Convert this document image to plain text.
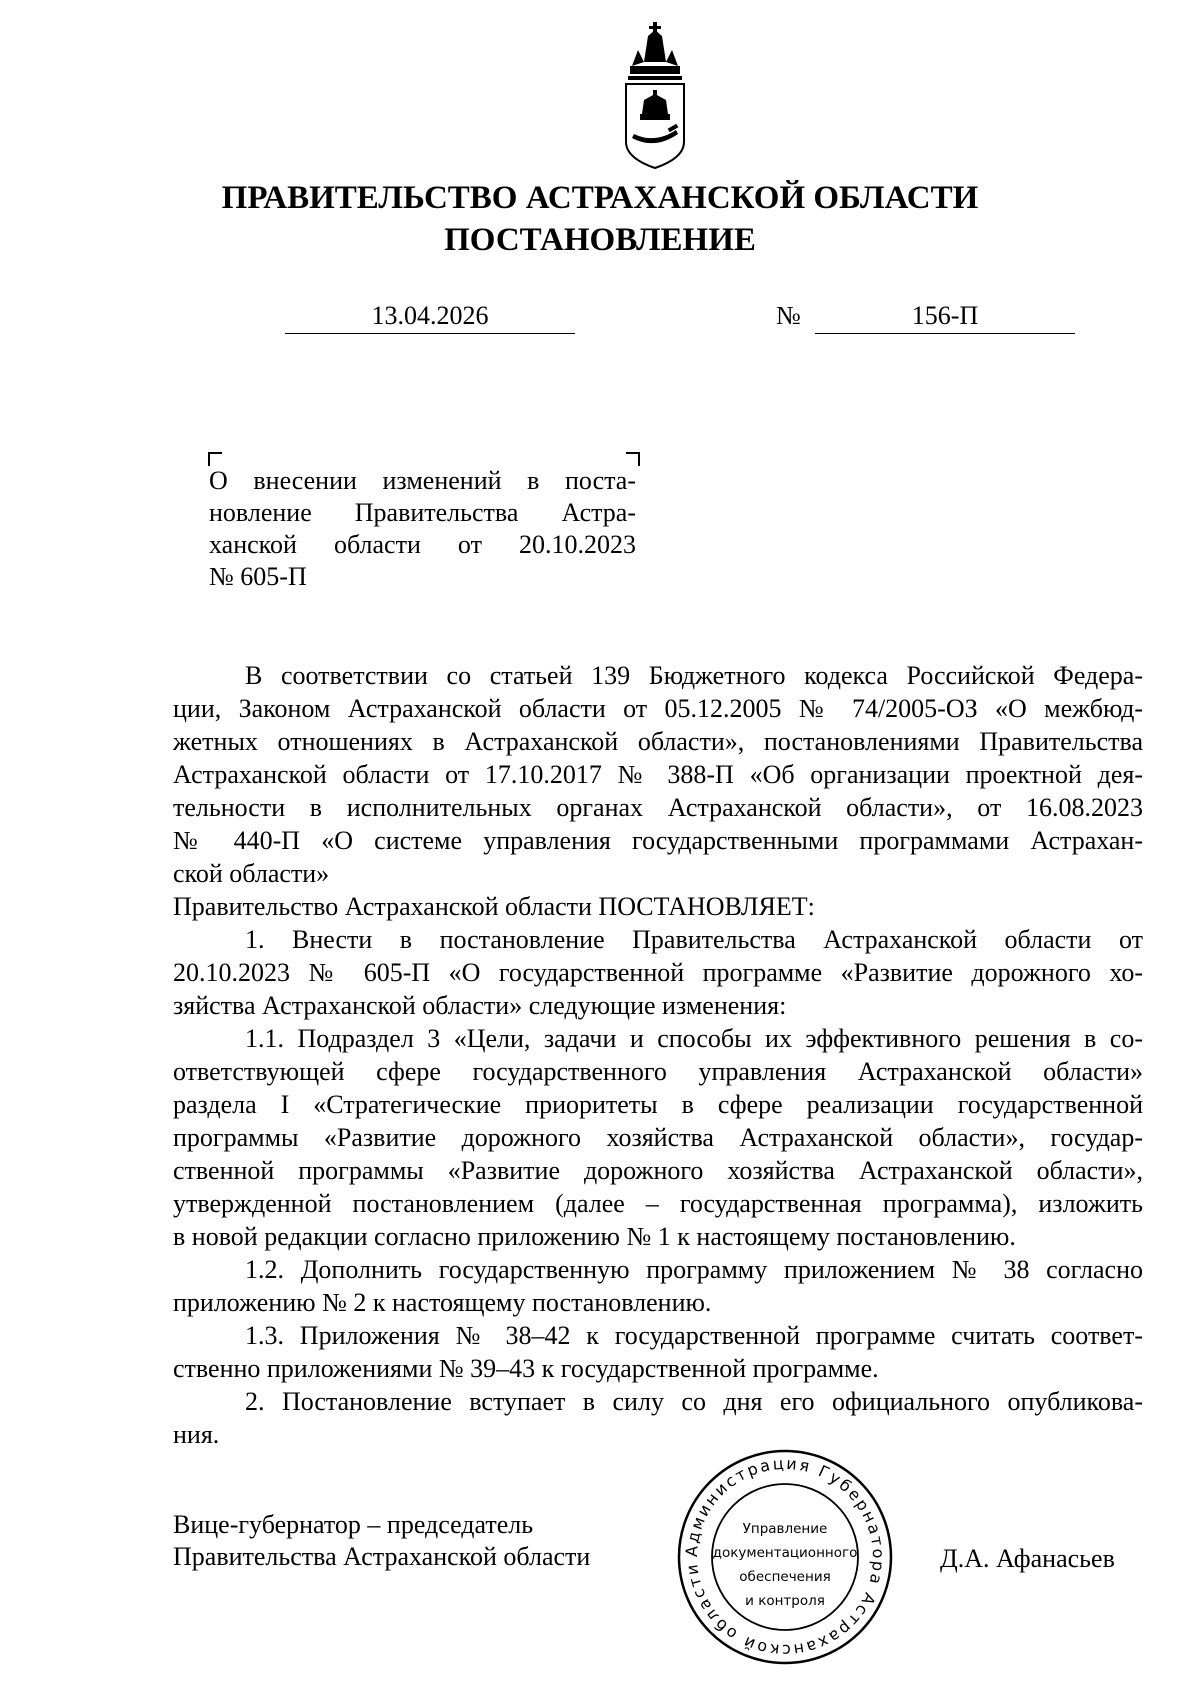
ПРАВИТЕЛЬСТВО АСТРАХАНСКОЙ ОБЛАСТИ
ПОСТАНОВЛЕНИЕ
13.04.2026	№	156-П
О внесении изменений в поста-
новление Правительства Астра-
ханской области от 20.10.2023
№ 605-П
В соответствии со статьей 139 Бюджетного кодекса Российской Федера-
ции, Законом Астраханской области от 05.12.2005 № 74/2005-ОЗ «О межбюд-
жетных отношениях в Астраханской области», постановлениями Правительства
Астраханской области от 17.10.2017 № 388-П «Об организации проектной дея-
тельности в исполнительных органах Астраханской области», от 16.08.2023
№ 440-П «О системе управления государственными программами Астрахан-
ской области»
Правительство Астраханской области ПОСТАНОВЛЯЕТ:
1. Внести в постановление Правительства Астраханской области от
20.10.2023 № 605-П «О государственной программе «Развитие дорожного хо-
зяйства Астраханской области» следующие изменения:
1.1. Подраздел 3 «Цели, задачи и способы их эффективного решения в со-
ответствующей сфере государственного управления Астраханской области»
раздела I «Стратегические приоритеты в сфере реализации государственной
программы «Развитие дорожного хозяйства Астраханской области», государ-
ственной программы «Развитие дорожного хозяйства Астраханской области»,
утвержденной постановлением (далее – государственная программа), изложить
в новой редакции согласно приложению № 1 к настоящему постановлению.
1.2. Дополнить государственную программу приложением № 38 согласно
приложению № 2 к настоящему постановлению.
1.3. Приложения № 38–42 к государственной программе считать соответ-
ственно приложениями № 39–43 к государственной программе.
2. Постановление вступает в силу со дня его официального опубликова-
ния.
Вице-губернатор – председатель
Правительства Астраханской области	Д.А. Афанасьев
Администрация Губернатора Астраханской области
Управление
документационного
обеспечения
и контроля
